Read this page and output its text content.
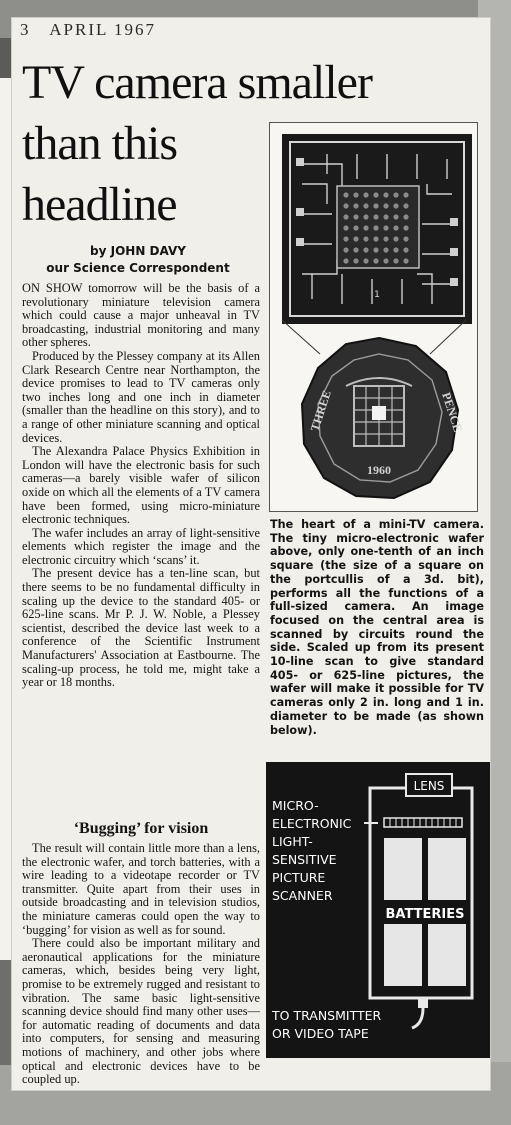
3 APRIL 1967
TV camera smaller
than this
headline
by JOHN DAVY
our Science Correspondent

ON SHOW tomorrow will be the basis of a revolutionary miniature television camera which could cause a major unheaval in TV broadcasting, industrial monitoring and many other spheres.

Produced by the Plessey company at its Allen Clark Research Centre near Northampton, the device promises to lead to TV cameras only two inches long and one inch in diameter (smaller than the headline on this story), and to a range of other miniature scanning and optical devices.

The Alexandra Palace Physics Exhibition in London will have the electronic basis for such cameras—a barely visible wafer of silicon oxide on which all the elements of a TV camera have been formed, using micro-miniature electronic techniques.

The wafer includes an array of light-sensitive elements which register the image and the electronic circuitry which ‘scans’ it.

The present device has a ten-line scan, but there seems to be no fundamental difficulty in scaling up the device to the standard 405- or 625-line scans. Mr P. J. W. Noble, a Plessey scientist, described the device last week to a conference of the Scientific Instrument Manufacturers' Association at Eastbourne. The scaling-up process, he told me, might take a year or 18 months.

‘Bugging’ for vision

The result will contain little more than a lens, the electronic wafer, and torch batteries, with a wire leading to a videotape recorder or TV transmitter. Quite apart from their uses in outside broadcasting and in television studios, the miniature cameras could open the way to ‘bugging’ for vision as well as for sound.

There could also be important military and aeronautical applications for the miniature cameras, which, besides being very light, promise to be extremely rugged and resistant to vibration. The same basic light-sensitive scanning device should find many other uses—for automatic reading of documents and data into computers, for sensing and measuring motions of machinery, and other jobs where optical and electronic devices have to be coupled up.

1
THREE	PENCE
1960
The heart of a mini-TV camera. The tiny micro-electronic wafer above, only one-tenth of an inch square (the size of a square on the portcullis of a 3d. bit), performs all the functions of a full-sized camera. An image focused on the central area is scanned by circuits round the side. Scaled up from its present 10-line scan to give standard 405- or 625-line pictures, the wafer will make it possible for TV cameras only 2 in. long and 1 in. diameter to be made (as shown below).
LENS
BATTERIES
MICRO-
ELECTRONIC
LIGHT-
SENSITIVE
PICTURE
SCANNER
TO TRANSMITTER
OR VIDEO TAPE
